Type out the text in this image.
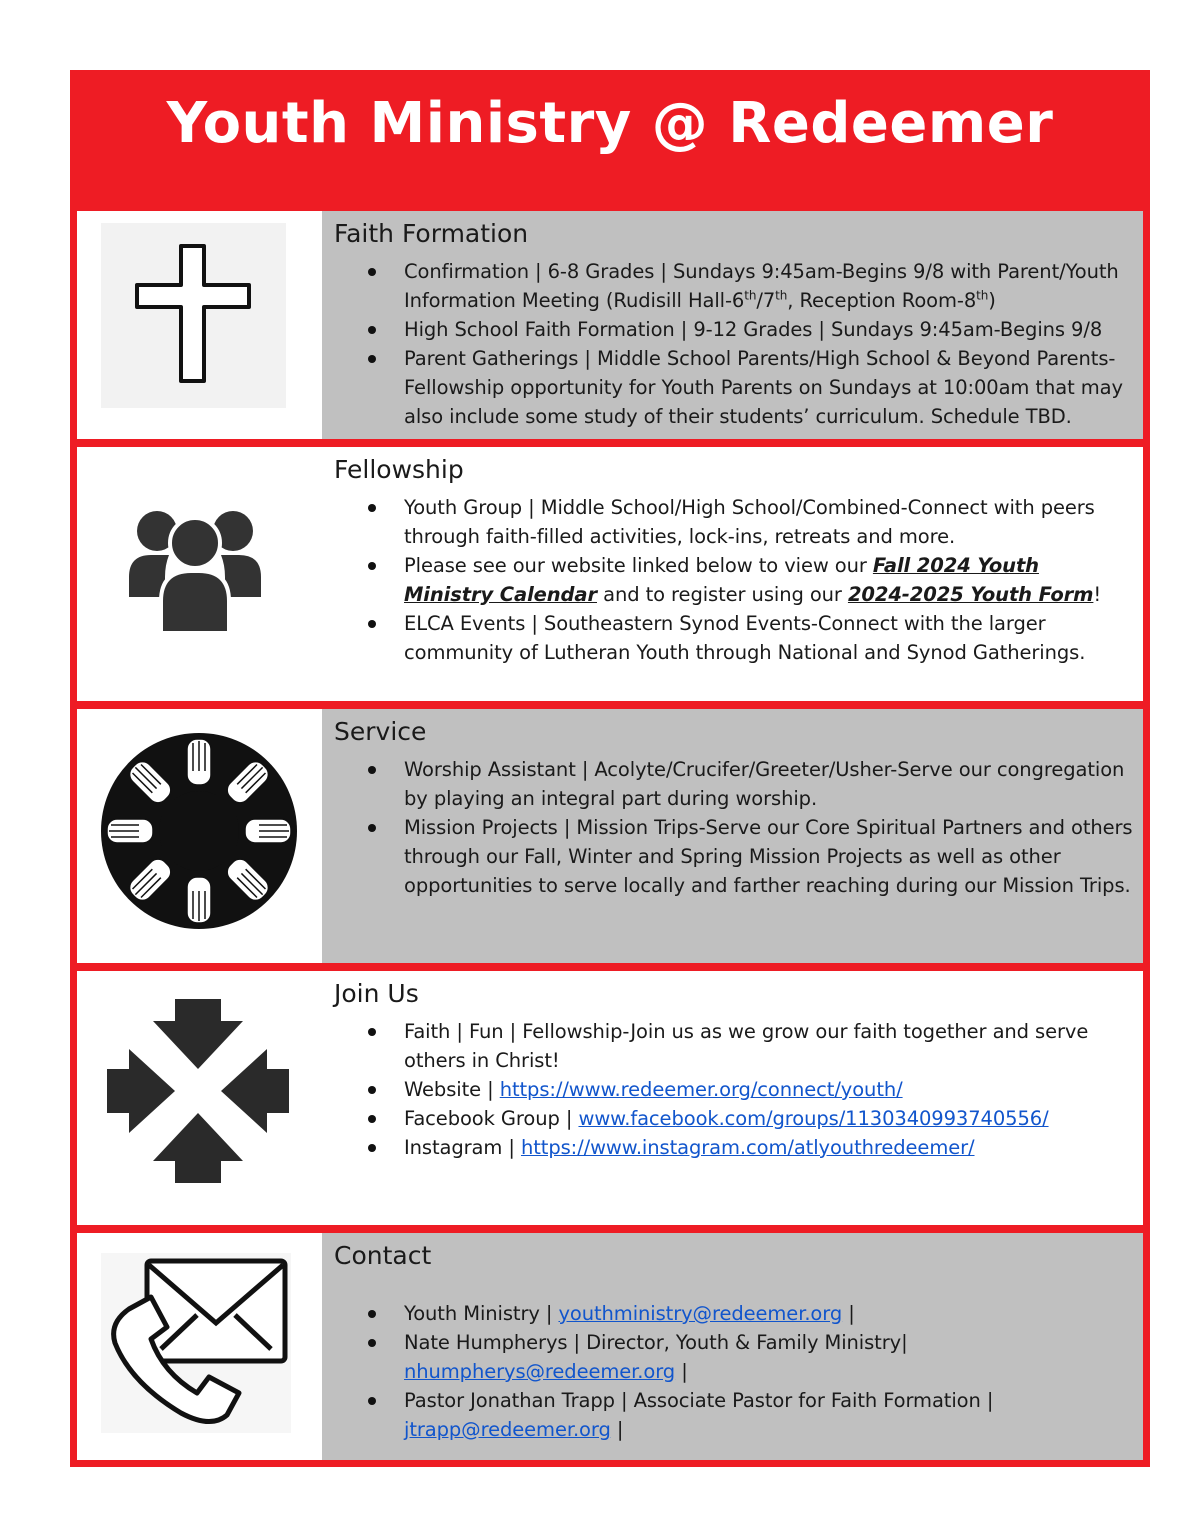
Youth Ministry @ Redeemer
Faith Formation
Confirmation | 6-8 Grades | Sundays 9:45am-Begins 9/8 with Parent/Youth Information Meeting (Rudisill Hall-6th/7th, Reception Room-8th)
High School Faith Formation | 9-12 Grades | Sundays 9:45am-Begins 9/8
Parent Gatherings | Middle School Parents/High School & Beyond Parents-Fellowship opportunity for Youth Parents on Sundays at 10:00am that may also include some study of their students’ curriculum. Schedule TBD.
Fellowship
Youth Group | Middle School/High School/Combined-Connect with peers through faith-filled activities, lock-ins, retreats and more.
Please see our website linked below to view our Fall 2024 Youth Ministry Calendar and to register using our 2024-2025 Youth Form!
ELCA Events | Southeastern Synod Events-Connect with the larger community of Lutheran Youth through National and Synod Gatherings.
Service
Worship Assistant | Acolyte/Crucifer/Greeter/Usher-Serve our congregation by playing an integral part during worship.
Mission Projects | Mission Trips-Serve our Core Spiritual Partners and others through our Fall, Winter and Spring Mission Projects as well as other opportunities to serve locally and farther reaching during our Mission Trips.
Join Us
Faith | Fun | Fellowship-Join us as we grow our faith together and serve others in Christ!
Website | https://www.redeemer.org/connect/youth/
Facebook Group | www.facebook.com/groups/1130340993740556/
Instagram | https://www.instagram.com/atlyouthredeemer/
Contact
Youth Ministry | youthministry@redeemer.org |
Nate Humpherys | Director, Youth & Family Ministry| nhumpherys@redeemer.org |
Pastor Jonathan Trapp | Associate Pastor for Faith Formation | jtrapp@redeemer.org |
